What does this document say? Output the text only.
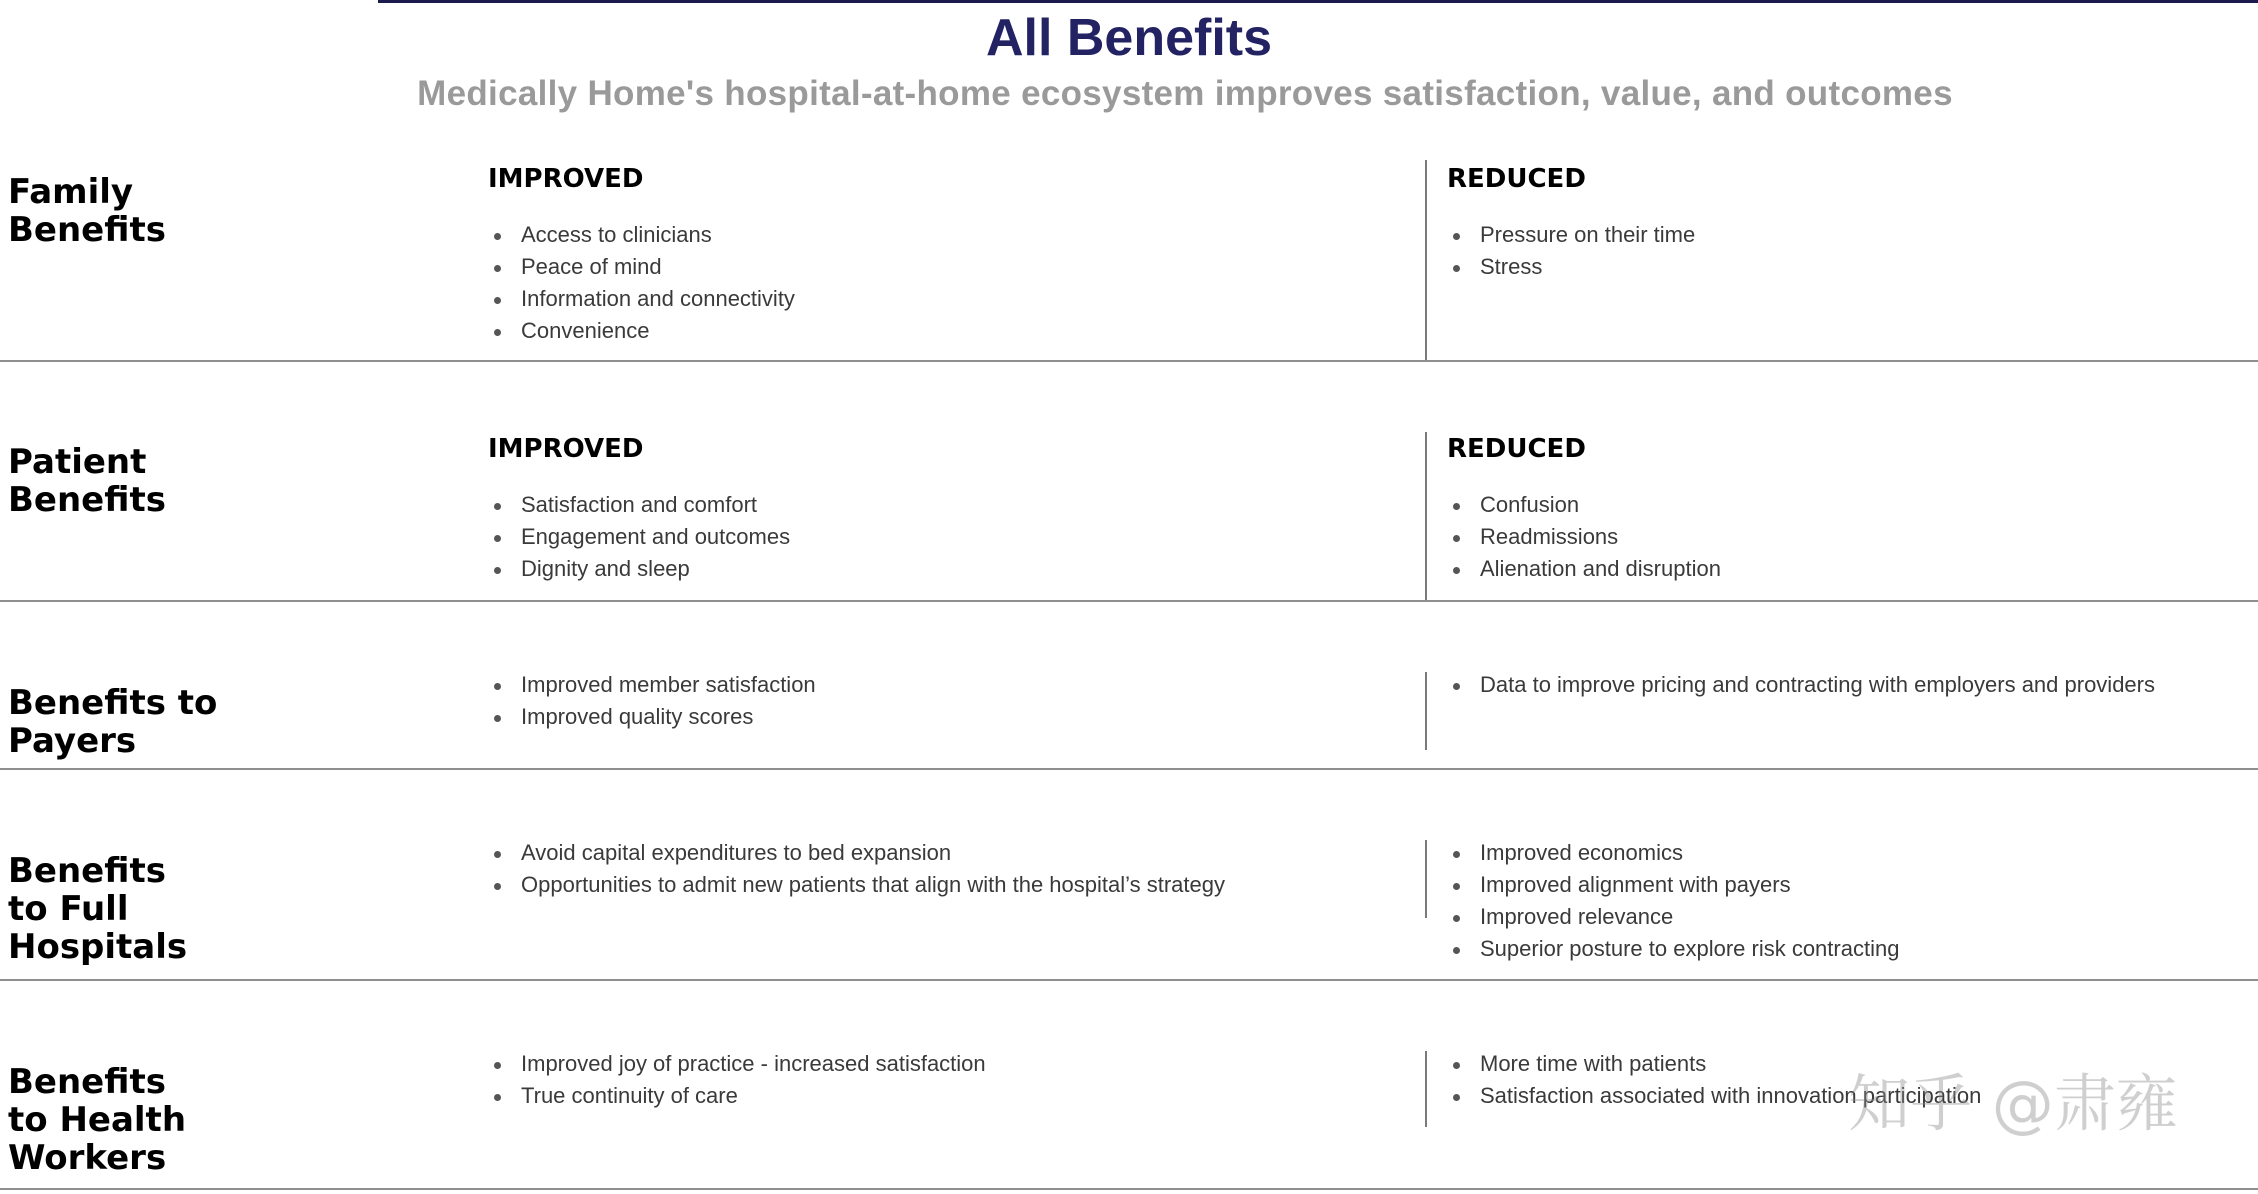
All Benefits
Medically Home's hospital-at-home ecosystem improves satisfaction, value, and outcomes
Family
Benefits
IMPROVED	REDUCED
Access to clinicians
Peace of mind
Information and connectivity
Convenience
Pressure on their time
Stress
Patient
Benefits
IMPROVED	REDUCED
Satisfaction and comfort
Engagement and outcomes
Dignity and sleep
Confusion
Readmissions
Alienation and disruption
Benefits to
Payers
Improved member satisfaction
Improved quality scores
Data to improve pricing and contracting with employers and providers
Benefits
to Full
Hospitals
Avoid capital expenditures to bed expansion
Opportunities to admit new patients that align with the hospital’s strategy
Improved economics
Improved alignment with payers
Improved relevance
Superior posture to explore risk contracting
Benefits
to Health
Workers
Improved joy of practice - increased satisfaction
True continuity of care
More time with patients
Satisfaction associated with innovation participation
知乎 @肃雍
